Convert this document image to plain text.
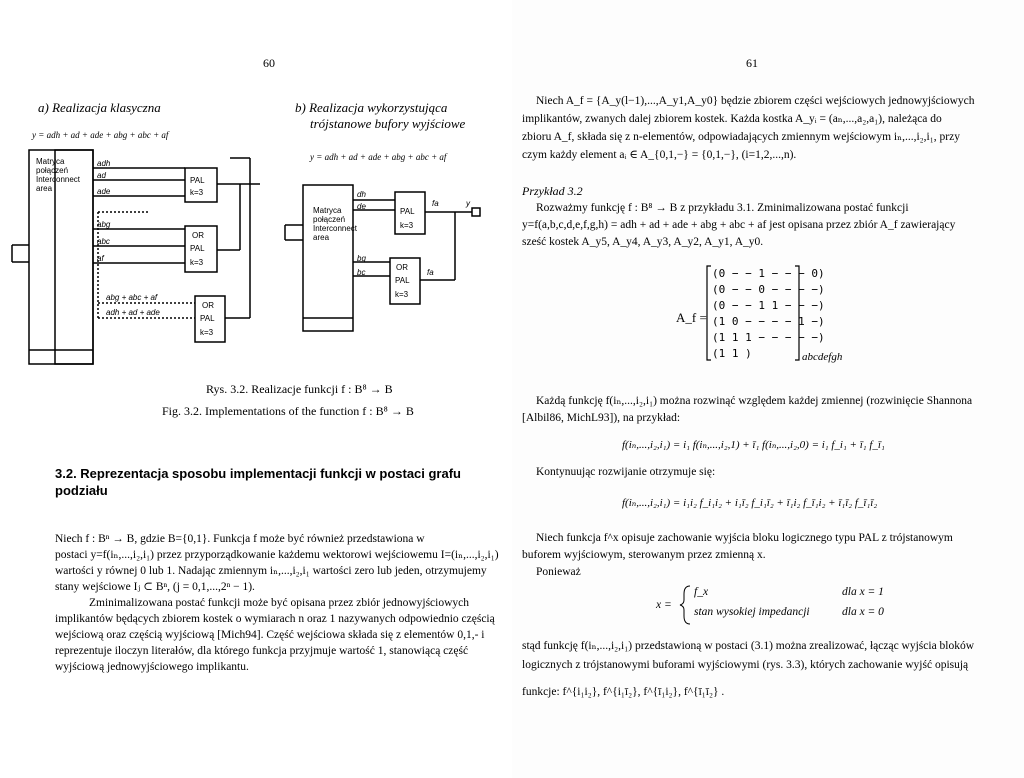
60
a) Realizacja klasyczna
y = adh + ad + ade + abg + abc + af
Matryca
połączeń
Interconnect
area
adh
ad
ade
abg
abc
af
abg + abc + af
adh + ad + ade
PAL
k=3
OR
PAL
k=3
OR
PAL
k=3
b) Realizacja wykorzystująca
trójstanowe bufory wyjściowe
y = adh + ad + ade + abg + abc + af
Matryca
połączeń
Interconnect
area
dh
de
bg
bc
PAL
k=3
OR
PAL
k=3
fa
fa
y
Rys. 3.2. Realizacje funkcji f : B⁸ → B
Fig. 3.2. Implementations of the function f : B⁸ → B
3.2. Reprezentacja sposobu implementacji funkcji w postaci grafu
podziału
Niech f : Bⁿ → B, gdzie B={0,1}. Funkcja f może być również przedstawiona w
postaci y=f(iₙ,...,i₂,i₁) przez przyporządkowanie każdemu wektorowi wejściowemu I=(iₙ,...,i₂,i₁)
wartości y równej 0 lub 1. Nadając zmiennym iₙ,...,i₂,i₁ wartości zero lub jeden, otrzymujemy
stany wejściowe Iⱼ ⊂ Bⁿ, (j = 0,1,...,2ⁿ − 1).
Zminimalizowana postać funkcji może być opisana przez zbiór jednowyjściowych
implikantów będących zbiorem kostek o wymiarach n oraz 1 nazywanych odpowiednio częścią
wejściową oraz częścią wyjściową [Mich94]. Część wejściowa składa się z elementów 0,1,- i
reprezentuje iloczyn literałów, dla którego funkcja przyjmuje wartość 1, stanowiącą część
wyjściową jednowyjściowego implikantu.
61
Niech A_f = {A_y(l−1),...,A_y1,A_y0} będzie zbiorem części wejściowych jednowyjściowych
implikantów, zwanych dalej zbiorem kostek. Każda kostka A_yᵢ = (aₙ,...,a₂,a₁), należąca do
zbioru A_f, składa się z n-elementów, odpowiadających zmiennym wejściowym iₙ,...,i₂,i₁, przy
czym każdy element aᵢ ∈ A_{0,1,−} = {0,1,−}, (i=1,2,...,n).
Przykład 3.2
Rozważmy funkcję f : B⁸ → B z przykładu 3.1. Zminimalizowana postać funkcji
y=f(a,b,c,d,e,f,g,h) = adh + ad + ade + abg + abc + af jest opisana przez zbiór A_f zawierający
sześć kostek A_y5, A_y4, A_y3, A_y2, A_y1, A_y0.
A_f =
(0 − − 1 − − − 0)
(0 − − 0 − − − −)
(0 − − 1 1 − − −)
(1 0 − − − − 1 −)
(1 1 1 − − − − −)
(1 1 )	abcdefgh
Każdą funkcję f(iₙ,...,i₂,i₁) można rozwinąć względem każdej zmiennej (rozwinięcie Shannona
[Albil86, MichL93]), na przykład:
f(iₙ,...,i₂,i₁) = i₁ f(iₙ,...,i₂,1) + ī₁ f(iₙ,...,i₂,0) = i₁ f_i₁ + ī₁ f_ī₁
Kontynuując rozwijanie otrzymuje się:
f(iₙ,...,i₂,i₁) = i₁i₂ f_i₁i₂ + i₁ī₂ f_i₁ī₂ + ī₁i₂ f_ī₁i₂ + ī₁ī₂ f_ī₁ī₂
Niech funkcja f^x opisuje zachowanie wyjścia bloku logicznego typu PAL z trójstanowym
buforem wyjściowym, sterowanym przez zmienną x.
Ponieważ
x =
f_x	dla x = 1
stan wysokiej impedancji	dla x = 0
stąd funkcję f(iₙ,...,i₂,i₁) przedstawioną w postaci (3.1) można zrealizować, łącząc wyjścia bloków
logicznych z trójstanowymi buforami wyjściowymi (rys. 3.3), których zachowanie wyjść opisują
funkcje: f^{i₁i₂}, f^{i₁ī₂}, f^{ī₁i₂}, f^{ī₁ī₂} .
